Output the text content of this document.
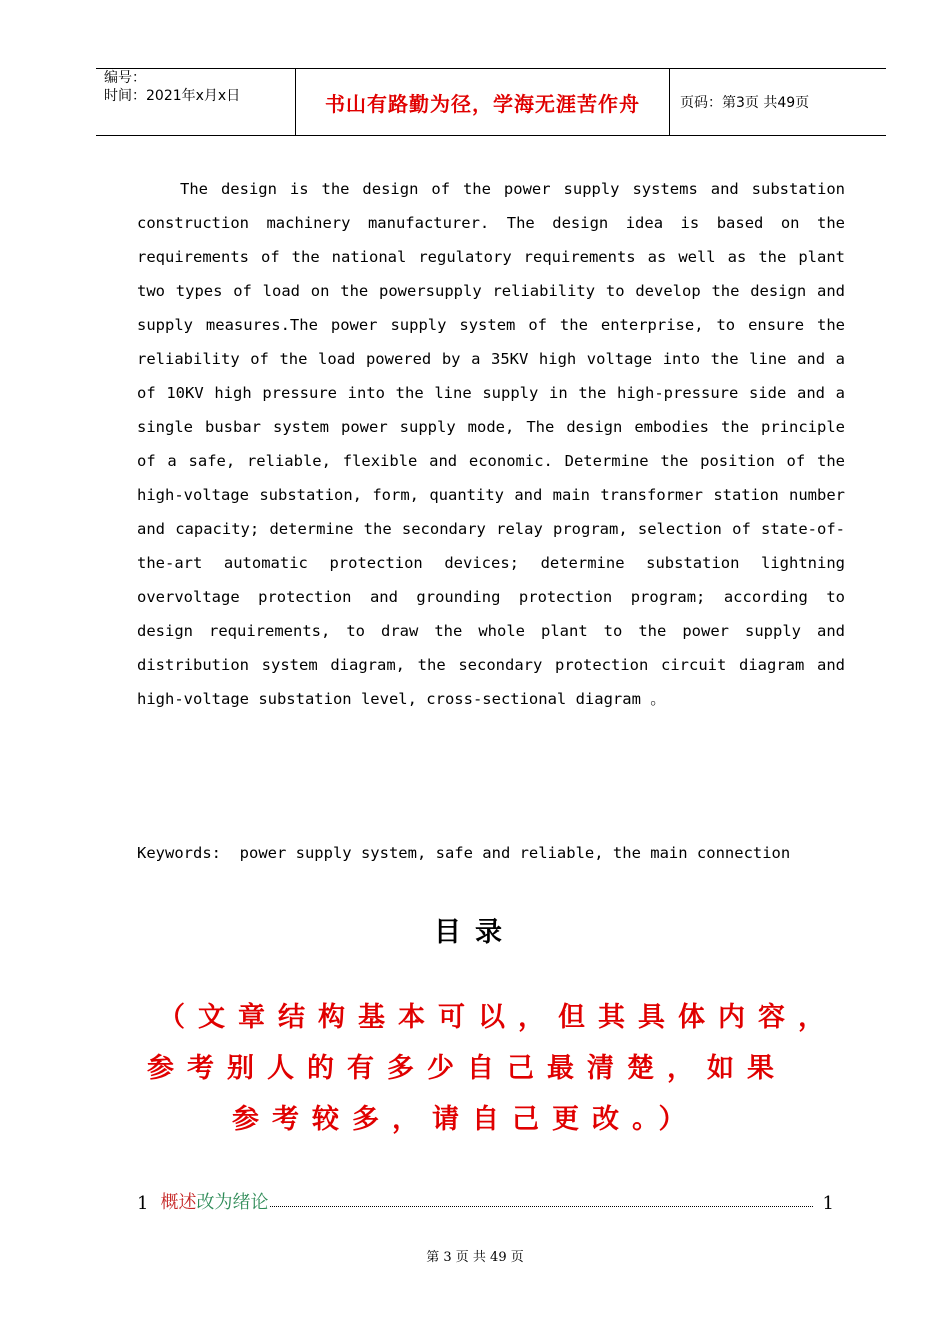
编号：
时间：2021年x月x日	书山有路勤为径，学海无涯苦作舟	页码：第3页 共49页

The design is the design of the power supply systems and substation construction machinery manufacturer. The design idea is based on the requirements of the national regulatory requirements as well as the plant two types of load on the powersupply reliability to develop the design and supply measures.The power supply system of the enterprise, to ensure the reliability of the load powered by a 35KV high voltage into the line and a of 10KV high pressure into the line supply in the high-pressure side and a single busbar system power supply mode, The design embodies the principle of a safe, reliable, flexible and economic. Determine the position of the high-voltage substation, form, quantity and main transformer station number and capacity; determine the secondary relay program, selection of state-of-the-art automatic protection devices; determine substation lightning overvoltage protection and grounding protection program; according to design requirements, to draw the whole plant to the power supply and distribution system diagram, the secondary protection circuit diagram and high-voltage substation level, cross-sectional diagram 。

Keywords:  power supply system, safe and reliable, the main connection

目录
（文章结构基本可以，但其具体内容，
参考别人的有多少自己最清楚，如果
参考较多，请自己更改。）
1 概述 改为绪论	1

第 3 页 共 49 页
